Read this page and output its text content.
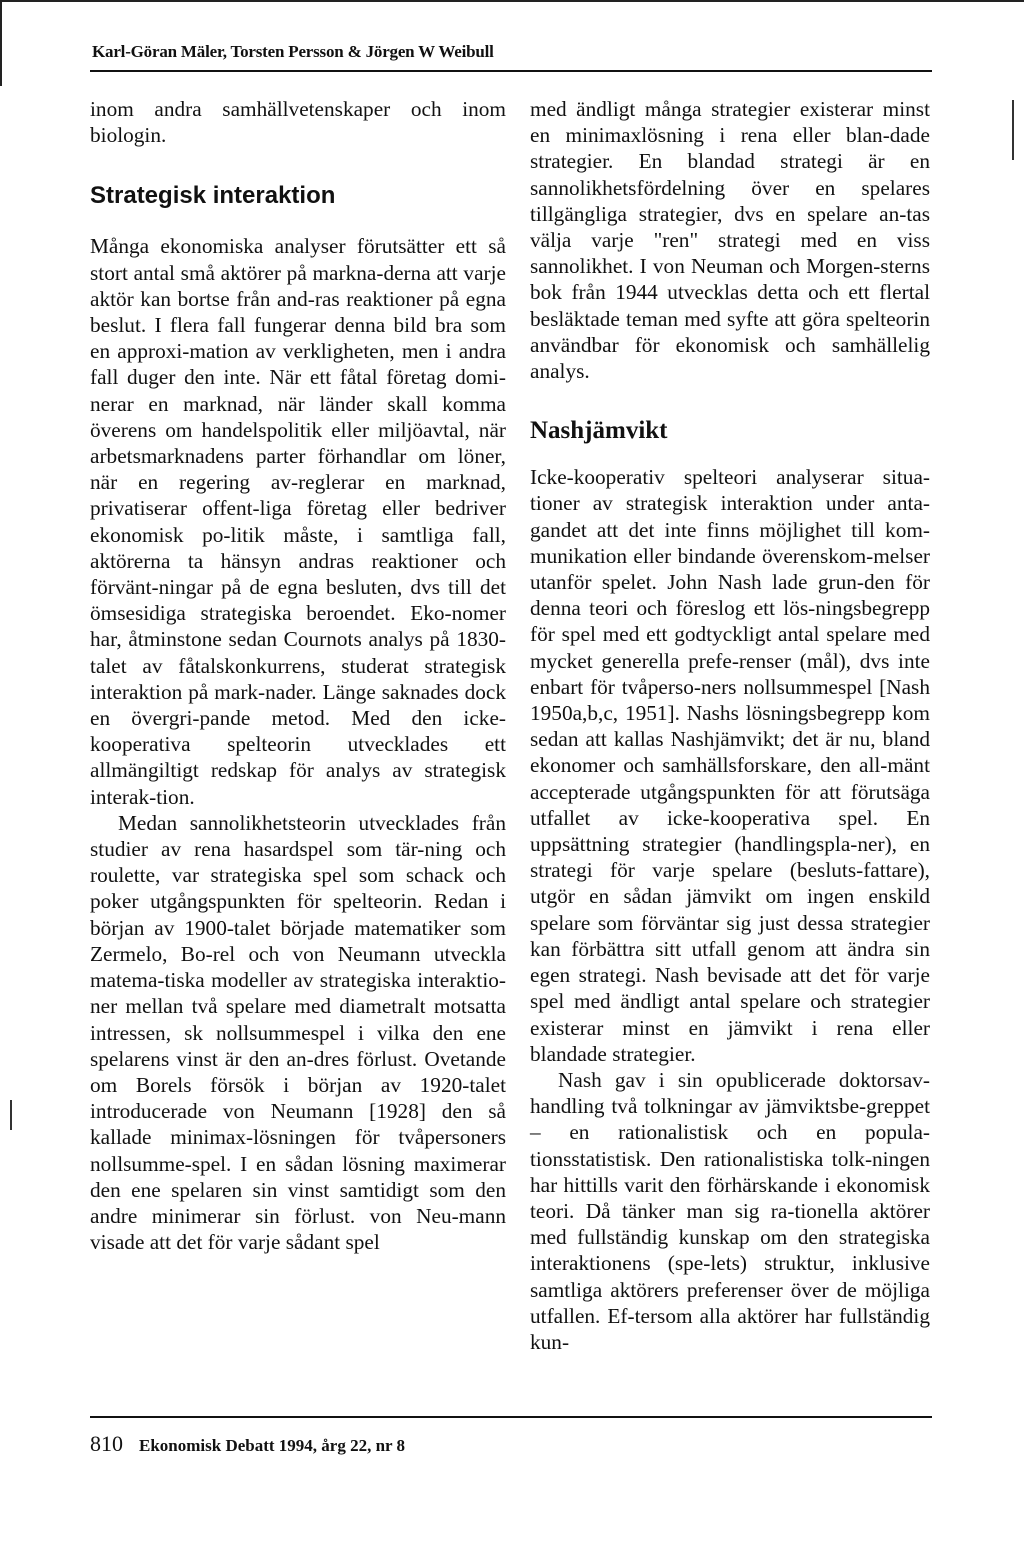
Karl-Göran Mäler, Torsten Persson & Jörgen W Weibull

inom andra samhällvetenskaper och inom biologin.

Strategisk interaktion

Många ekonomiska analyser förutsätter ett så stort antal små aktörer på markna-derna att varje aktör kan bortse från and-ras reaktioner på egna beslut. I flera fall fungerar denna bild bra som en approxi-mation av verkligheten, men i andra fall duger den inte. När ett fåtal företag domi-nerar en marknad, när länder skall komma överens om handelspolitik eller miljöavtal, när arbetsmarknadens parter förhandlar om löner, när en regering av-reglerar en marknad, privatiserar offent-liga företag eller bedriver ekonomisk po-litik måste, i samtliga fall, aktörerna ta hänsyn andras reaktioner och förvänt-ningar på de egna besluten, dvs till det ömsesidiga strategiska beroendet. Eko-nomer har, åtminstone sedan Cournots analys på 1830-talet av fåtalskonkurrens, studerat strategisk interaktion på mark-nader. Länge saknades dock en övergri-pande metod. Med den icke-kooperativa spelteorin utvecklades ett allmängiltigt redskap för analys av strategisk interak-tion.

Medan sannolikhetsteorin utvecklades från studier av rena hasardspel som tär-ning och roulette, var strategiska spel som schack och poker utgångspunkten för spelteorin. Redan i början av 1900-talet började matematiker som Zermelo, Bo-rel och von Neumann utveckla matema-tiska modeller av strategiska interaktio-ner mellan två spelare med diametralt motsatta intressen, sk nollsummespel i vilka den ene spelarens vinst är den an-dres förlust. Ovetande om Borels försök i början av 1920-talet introducerade von Neumann [1928] den så kallade minimax-lösningen för tvåpersoners nollsumme-spel. I en sådan lösning maximerar den ene spelaren sin vinst samtidigt som den andre minimerar sin förlust. von Neu-mann visade att det för varje sådant spel

med ändligt många strategier existerar minst en minimaxlösning i rena eller blan-dade strategier. En blandad strategi är en sannolikhetsfördelning över en spelares tillgängliga strategier, dvs en spelare an-tas välja varje "ren" strategi med en viss sannolikhet. I von Neuman och Morgen-sterns bok från 1944 utvecklas detta och ett flertal besläktade teman med syfte att göra spelteorin användbar för ekonomisk och samhällelig analys.

Nashjämvikt

Icke-kooperativ spelteori analyserar situa-tioner av strategisk interaktion under anta-gandet att det inte finns möjlighet till kom-munikation eller bindande överenskom-melser utanför spelet. John Nash lade grun-den för denna teori och föreslog ett lös-ningsbegrepp för spel med ett godtyckligt antal spelare med mycket generella prefe-renser (mål), dvs inte enbart för tvåperso-ners nollsummespel [Nash 1950a,b,c, 1951]. Nashs lösningsbegrepp kom sedan att kallas Nashjämvikt; det är nu, bland ekonomer och samhällsforskare, den all-mänt accepterade utgångspunkten för att förutsäga utfallet av icke-kooperativa spel. En uppsättning strategier (handlingspla-ner), en strategi för varje spelare (besluts-fattare), utgör en sådan jämvikt om ingen enskild spelare som förväntar sig just dessa strategier kan förbättra sitt utfall genom att ändra sin egen strategi. Nash bevisade att det för varje spel med ändligt antal spelare och strategier existerar minst en jämvikt i rena eller blandade strategier.

Nash gav i sin opublicerade doktorsav-handling två tolkningar av jämviktsbe-greppet – en rationalistisk och en popula-tionsstatistisk. Den rationalistiska tolk-ningen har hittills varit den förhärskande i ekonomisk teori. Då tänker man sig ra-tionella aktörer med fullständig kunskap om den strategiska interaktionens (spe-lets) struktur, inklusive samtliga aktörers preferenser över de möjliga utfallen. Ef-tersom alla aktörer har fullständig kun-

810 Ekonomisk Debatt 1994, årg 22, nr 8
